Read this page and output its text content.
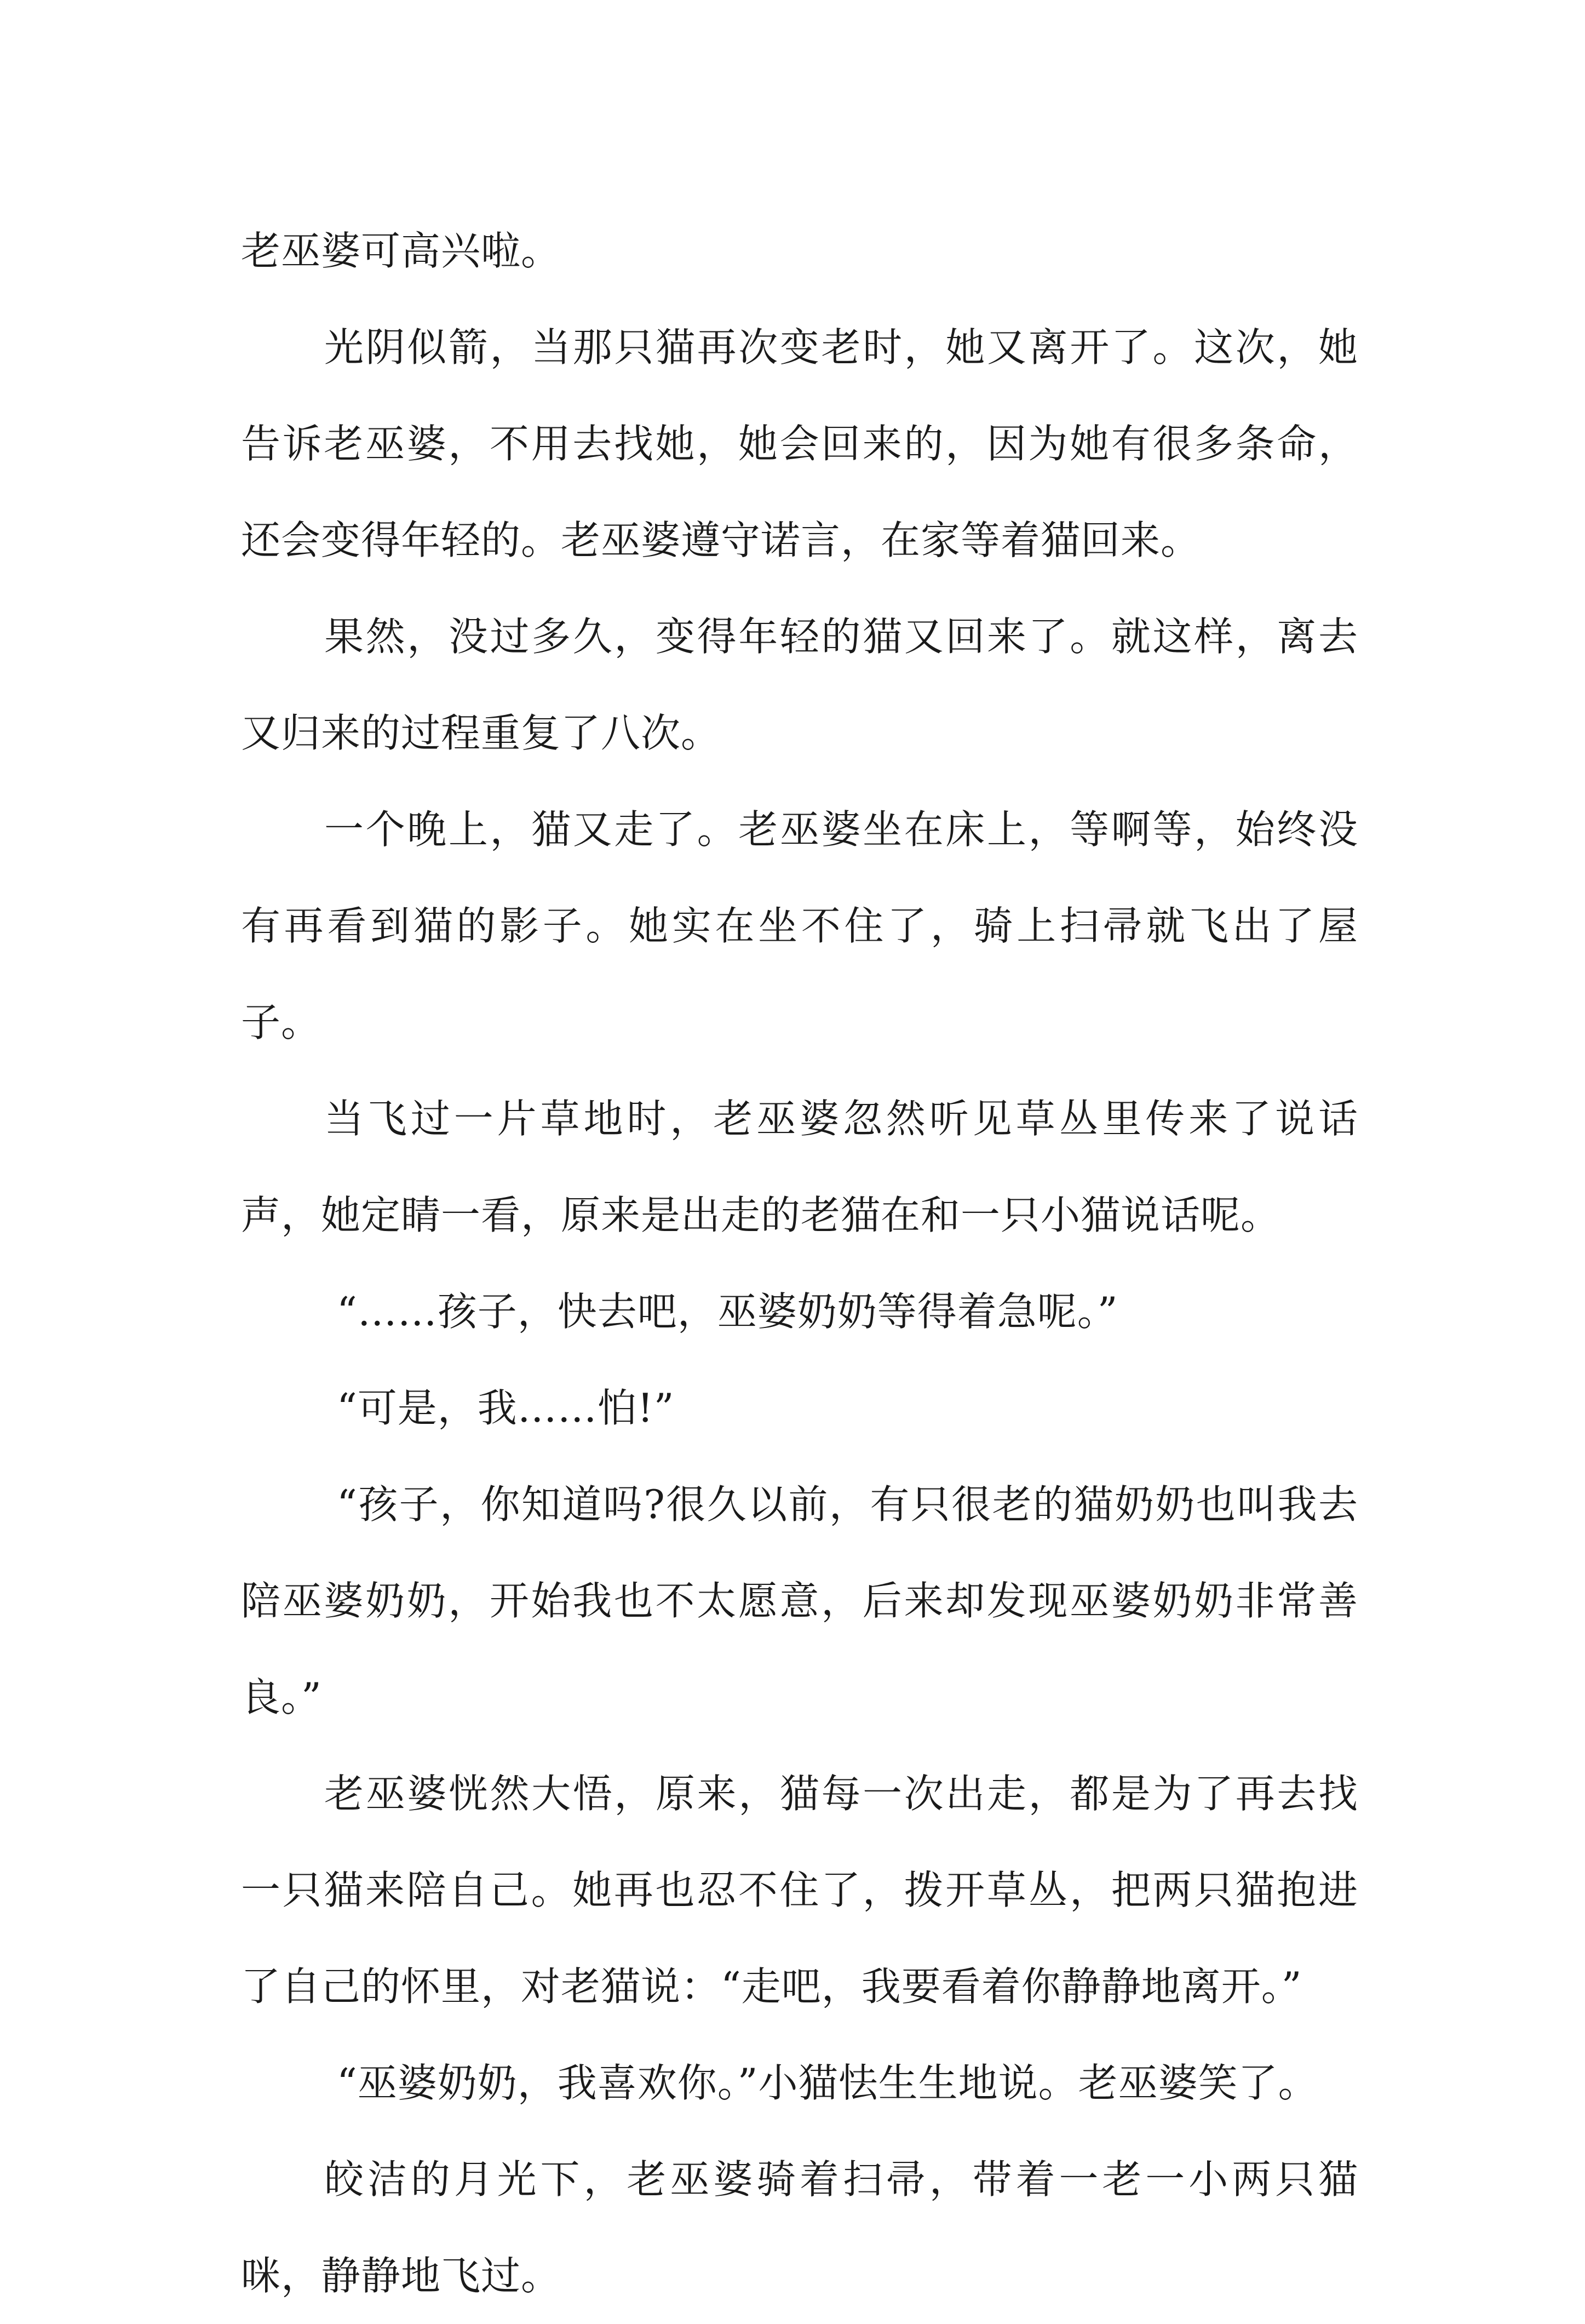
老巫婆可高兴啦。

光阴似箭，当那只猫再次变老时，她又离开了。这次，她告诉老巫婆，不用去找她，她会回来的，因为她有很多条命，还会变得年轻的。老巫婆遵守诺言，在家等着猫回来。

果然，没过多久，变得年轻的猫又回来了。就这样，离去又归来的过程重复了八次。

一个晚上，猫又走了。老巫婆坐在床上，等啊等，始终没有再看到猫的影子。她实在坐不住了，骑上扫帚就飞出了屋子。

当飞过一片草地时，老巫婆忽然听见草丛里传来了说话声，她定睛一看，原来是出走的老猫在和一只小猫说话呢。

“……孩子，快去吧，巫婆奶奶等得着急呢。”

“可是，我……怕!”

“孩子，你知道吗?很久以前，有只很老的猫奶奶也叫我去陪巫婆奶奶，开始我也不太愿意，后来却发现巫婆奶奶非常善良。”

老巫婆恍然大悟，原来，猫每一次出走，都是为了再去找一只猫来陪自己。她再也忍不住了，拨开草丛，把两只猫抱进了自己的怀里，对老猫说：“走吧，我要看着你静静地离开。”

“巫婆奶奶，我喜欢你。”小猫怯生生地说。老巫婆笑了。

皎洁的月光下，老巫婆骑着扫帚，带着一老一小两只猫咪，静静地飞过。
